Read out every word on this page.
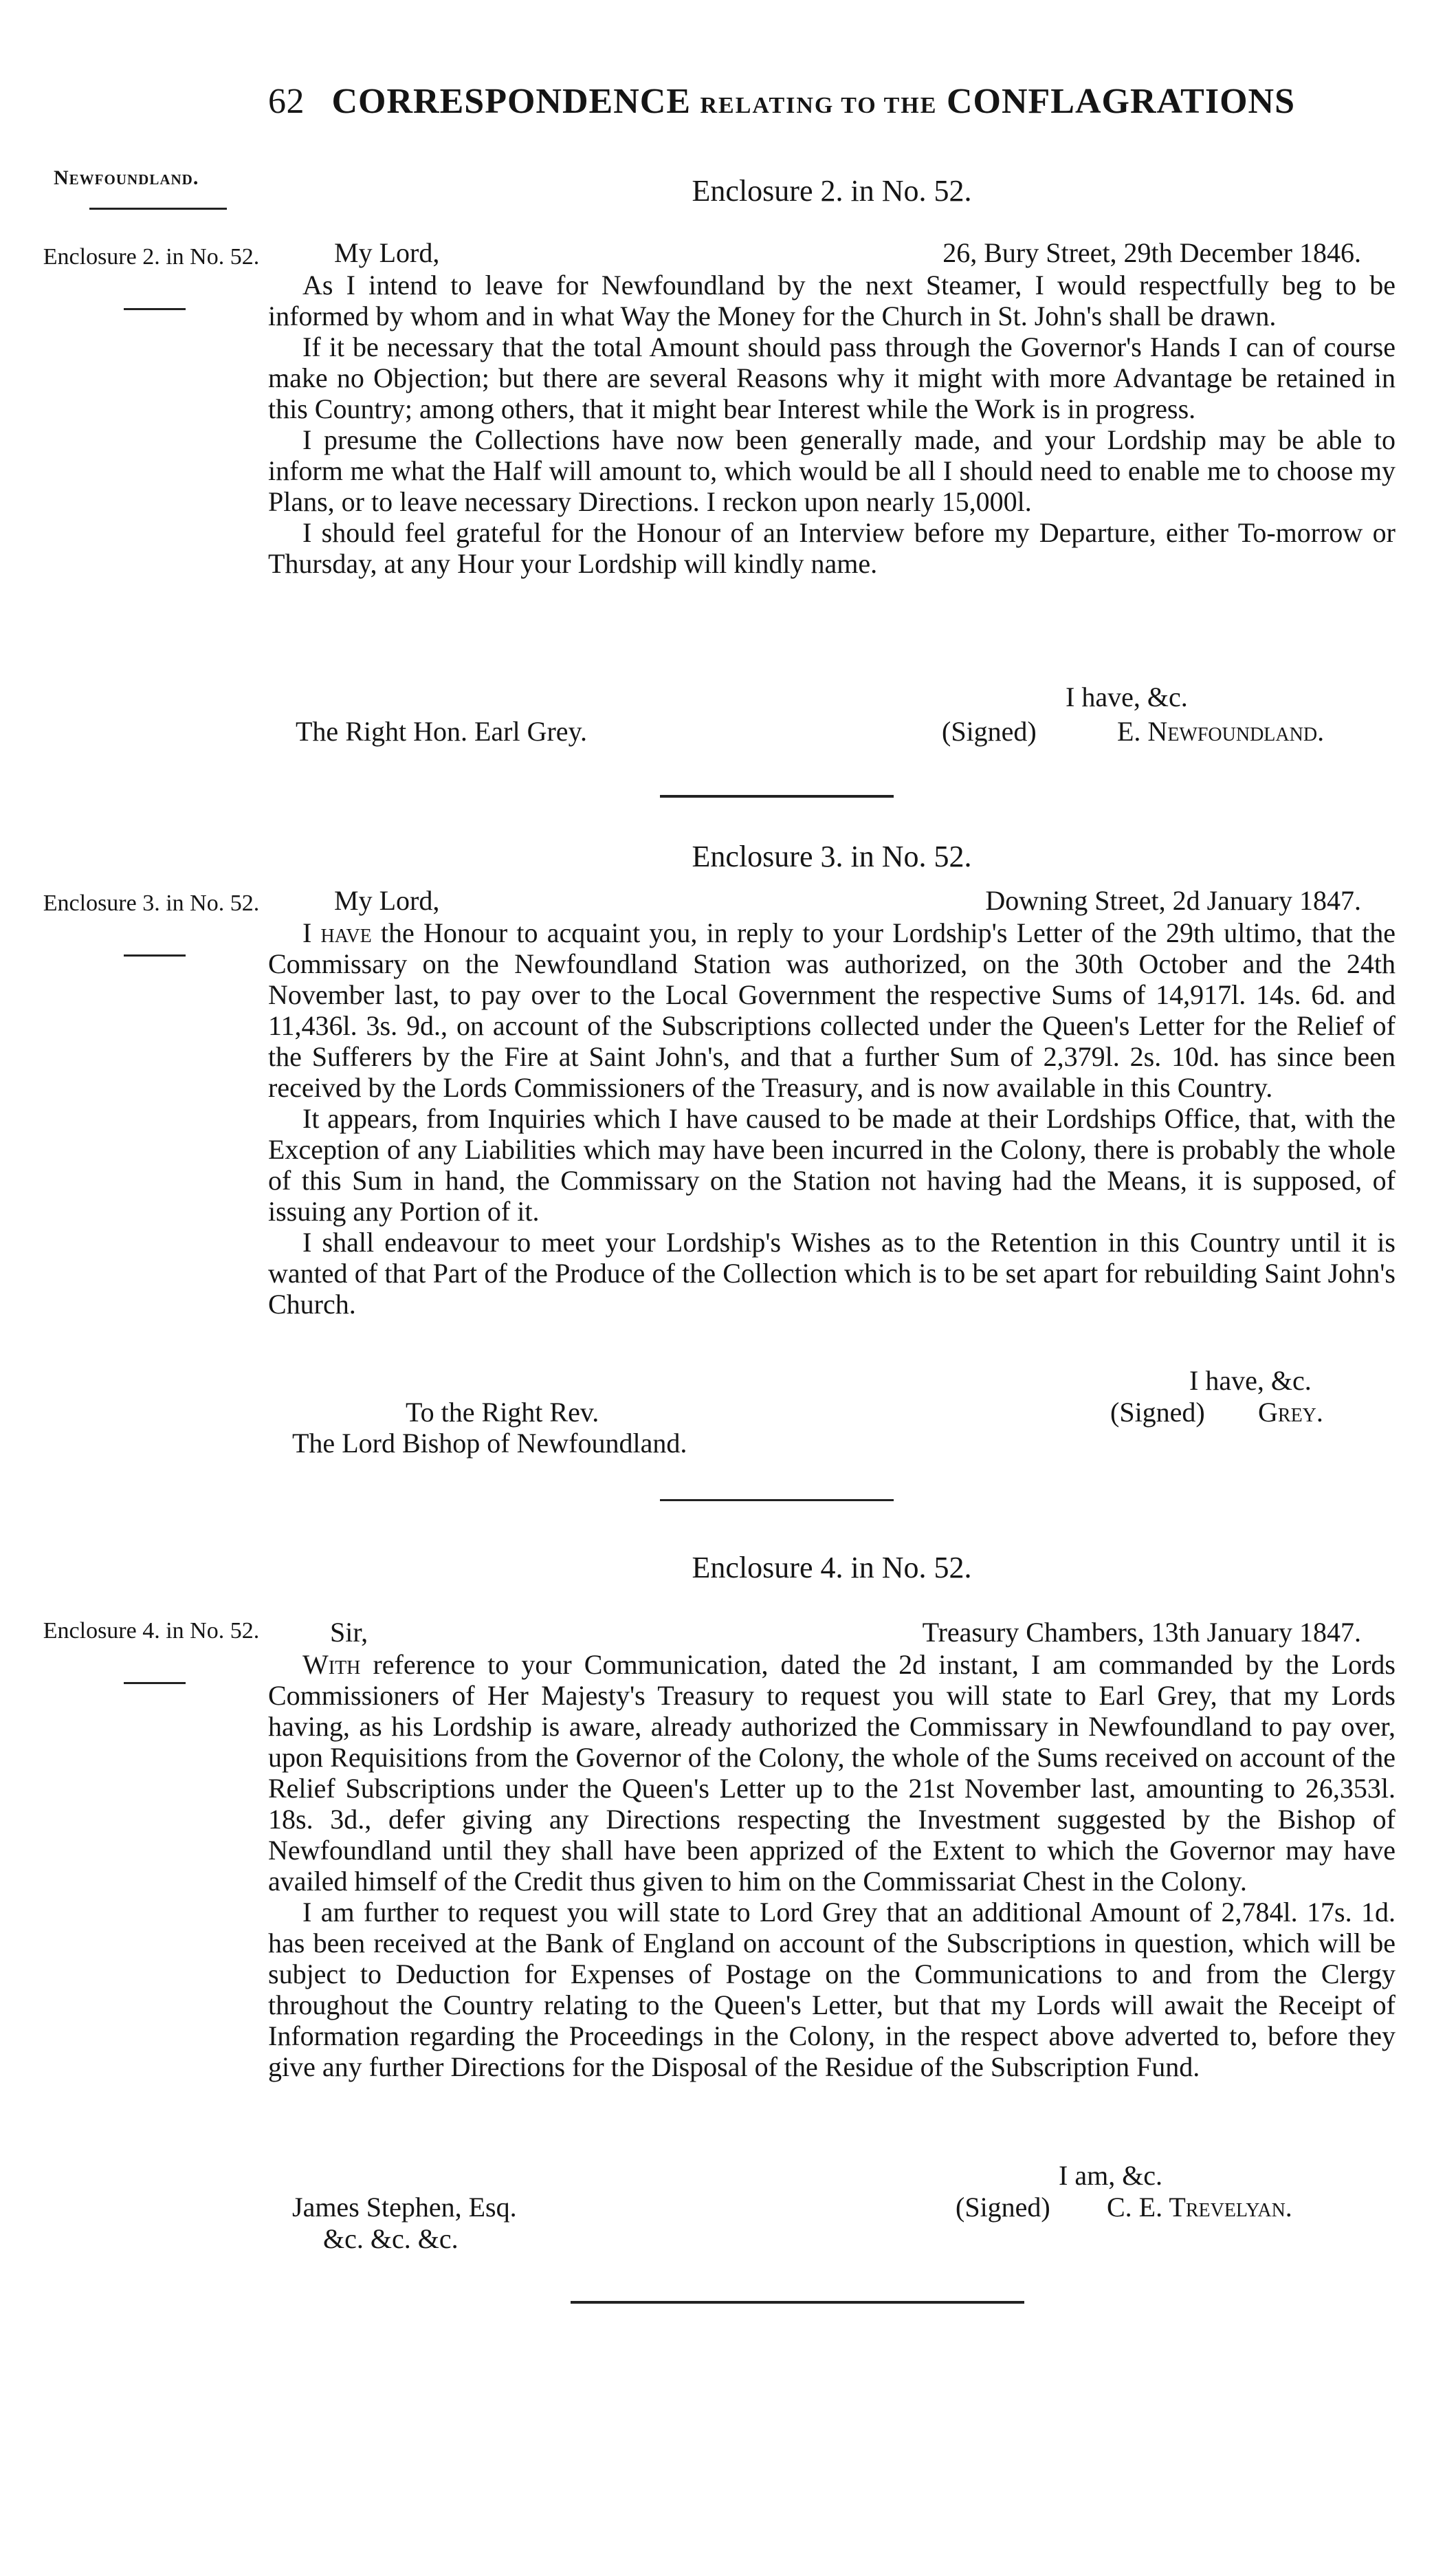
62 CORRESPONDENCE RELATING TO THE CONFLAGRATIONS
Newfoundland.	Enclosure 2. in No. 52.
Enclosure 2. in No. 52.	My Lord,	26, Bury Street, 29th December 1846.

As I intend to leave for Newfoundland by the next Steamer, I would respectfully beg to be informed by whom and in what Way the Money for the Church in St. John's shall be drawn.

If it be necessary that the total Amount should pass through the Governor's Hands I can of course make no Objection; but there are several Reasons why it might with more Advantage be retained in this Country; among others, that it might bear Interest while the Work is in progress.

I presume the Collections have now been generally made, and your Lordship may be able to inform me what the Half will amount to, which would be all I should need to enable me to choose my Plans, or to leave necessary Directions. I reckon upon nearly 15,000l.

I should feel grateful for the Honour of an Interview before my Departure, either To-morrow or Thursday, at any Hour your Lordship will kindly name.

I have, &c.
The Right Hon. Earl Grey.	(Signed)	E. Newfoundland.
Enclosure 3. in No. 52.
Enclosure 3. in No. 52.	My Lord,	Downing Street, 2d January 1847.

I have the Honour to acquaint you, in reply to your Lordship's Letter of the 29th ultimo, that the Commissary on the Newfoundland Station was authorized, on the 30th October and the 24th November last, to pay over to the Local Government the respective Sums of 14,917l. 14s. 6d. and 11,436l. 3s. 9d., on account of the Subscriptions collected under the Queen's Letter for the Relief of the Sufferers by the Fire at Saint John's, and that a further Sum of 2,379l. 2s. 10d. has since been received by the Lords Commissioners of the Treasury, and is now available in this Country.

It appears, from Inquiries which I have caused to be made at their Lordships Office, that, with the Exception of any Liabilities which may have been incurred in the Colony, there is probably the whole of this Sum in hand, the Commissary on the Station not having had the Means, it is supposed, of issuing any Portion of it.

I shall endeavour to meet your Lordship's Wishes as to the Retention in this Country until it is wanted of that Part of the Produce of the Collection which is to be set apart for rebuilding Saint John's Church.

I have, &c.
To the Right Rev.
The Lord Bishop of Newfoundland.
(Signed) Grey.
Enclosure 4. in No. 52.
Enclosure 4. in No. 52.	Sir,	Treasury Chambers, 13th January 1847.

With reference to your Communication, dated the 2d instant, I am commanded by the Lords Commissioners of Her Majesty's Treasury to request you will state to Earl Grey, that my Lords having, as his Lordship is aware, already authorized the Commissary in Newfoundland to pay over, upon Requisitions from the Governor of the Colony, the whole of the Sums received on account of the Relief Subscriptions under the Queen's Letter up to the 21st November last, amounting to 26,353l. 18s. 3d., defer giving any Directions respecting the Investment suggested by the Bishop of Newfoundland until they shall have been apprized of the Extent to which the Governor may have availed himself of the Credit thus given to him on the Commissariat Chest in the Colony.

I am further to request you will state to Lord Grey that an additional Amount of 2,784l. 17s. 1d. has been received at the Bank of England on account of the Subscriptions in question, which will be subject to Deduction for Expenses of Postage on the Communications to and from the Clergy throughout the Country relating to the Queen's Letter, but that my Lords will await the Receipt of Information regarding the Proceedings in the Colony, in the respect above adverted to, before they give any further Directions for the Disposal of the Residue of the Subscription Fund.

I am, &c.
James Stephen, Esq.
&c. &c. &c.
(Signed) C. E. Trevelyan.
